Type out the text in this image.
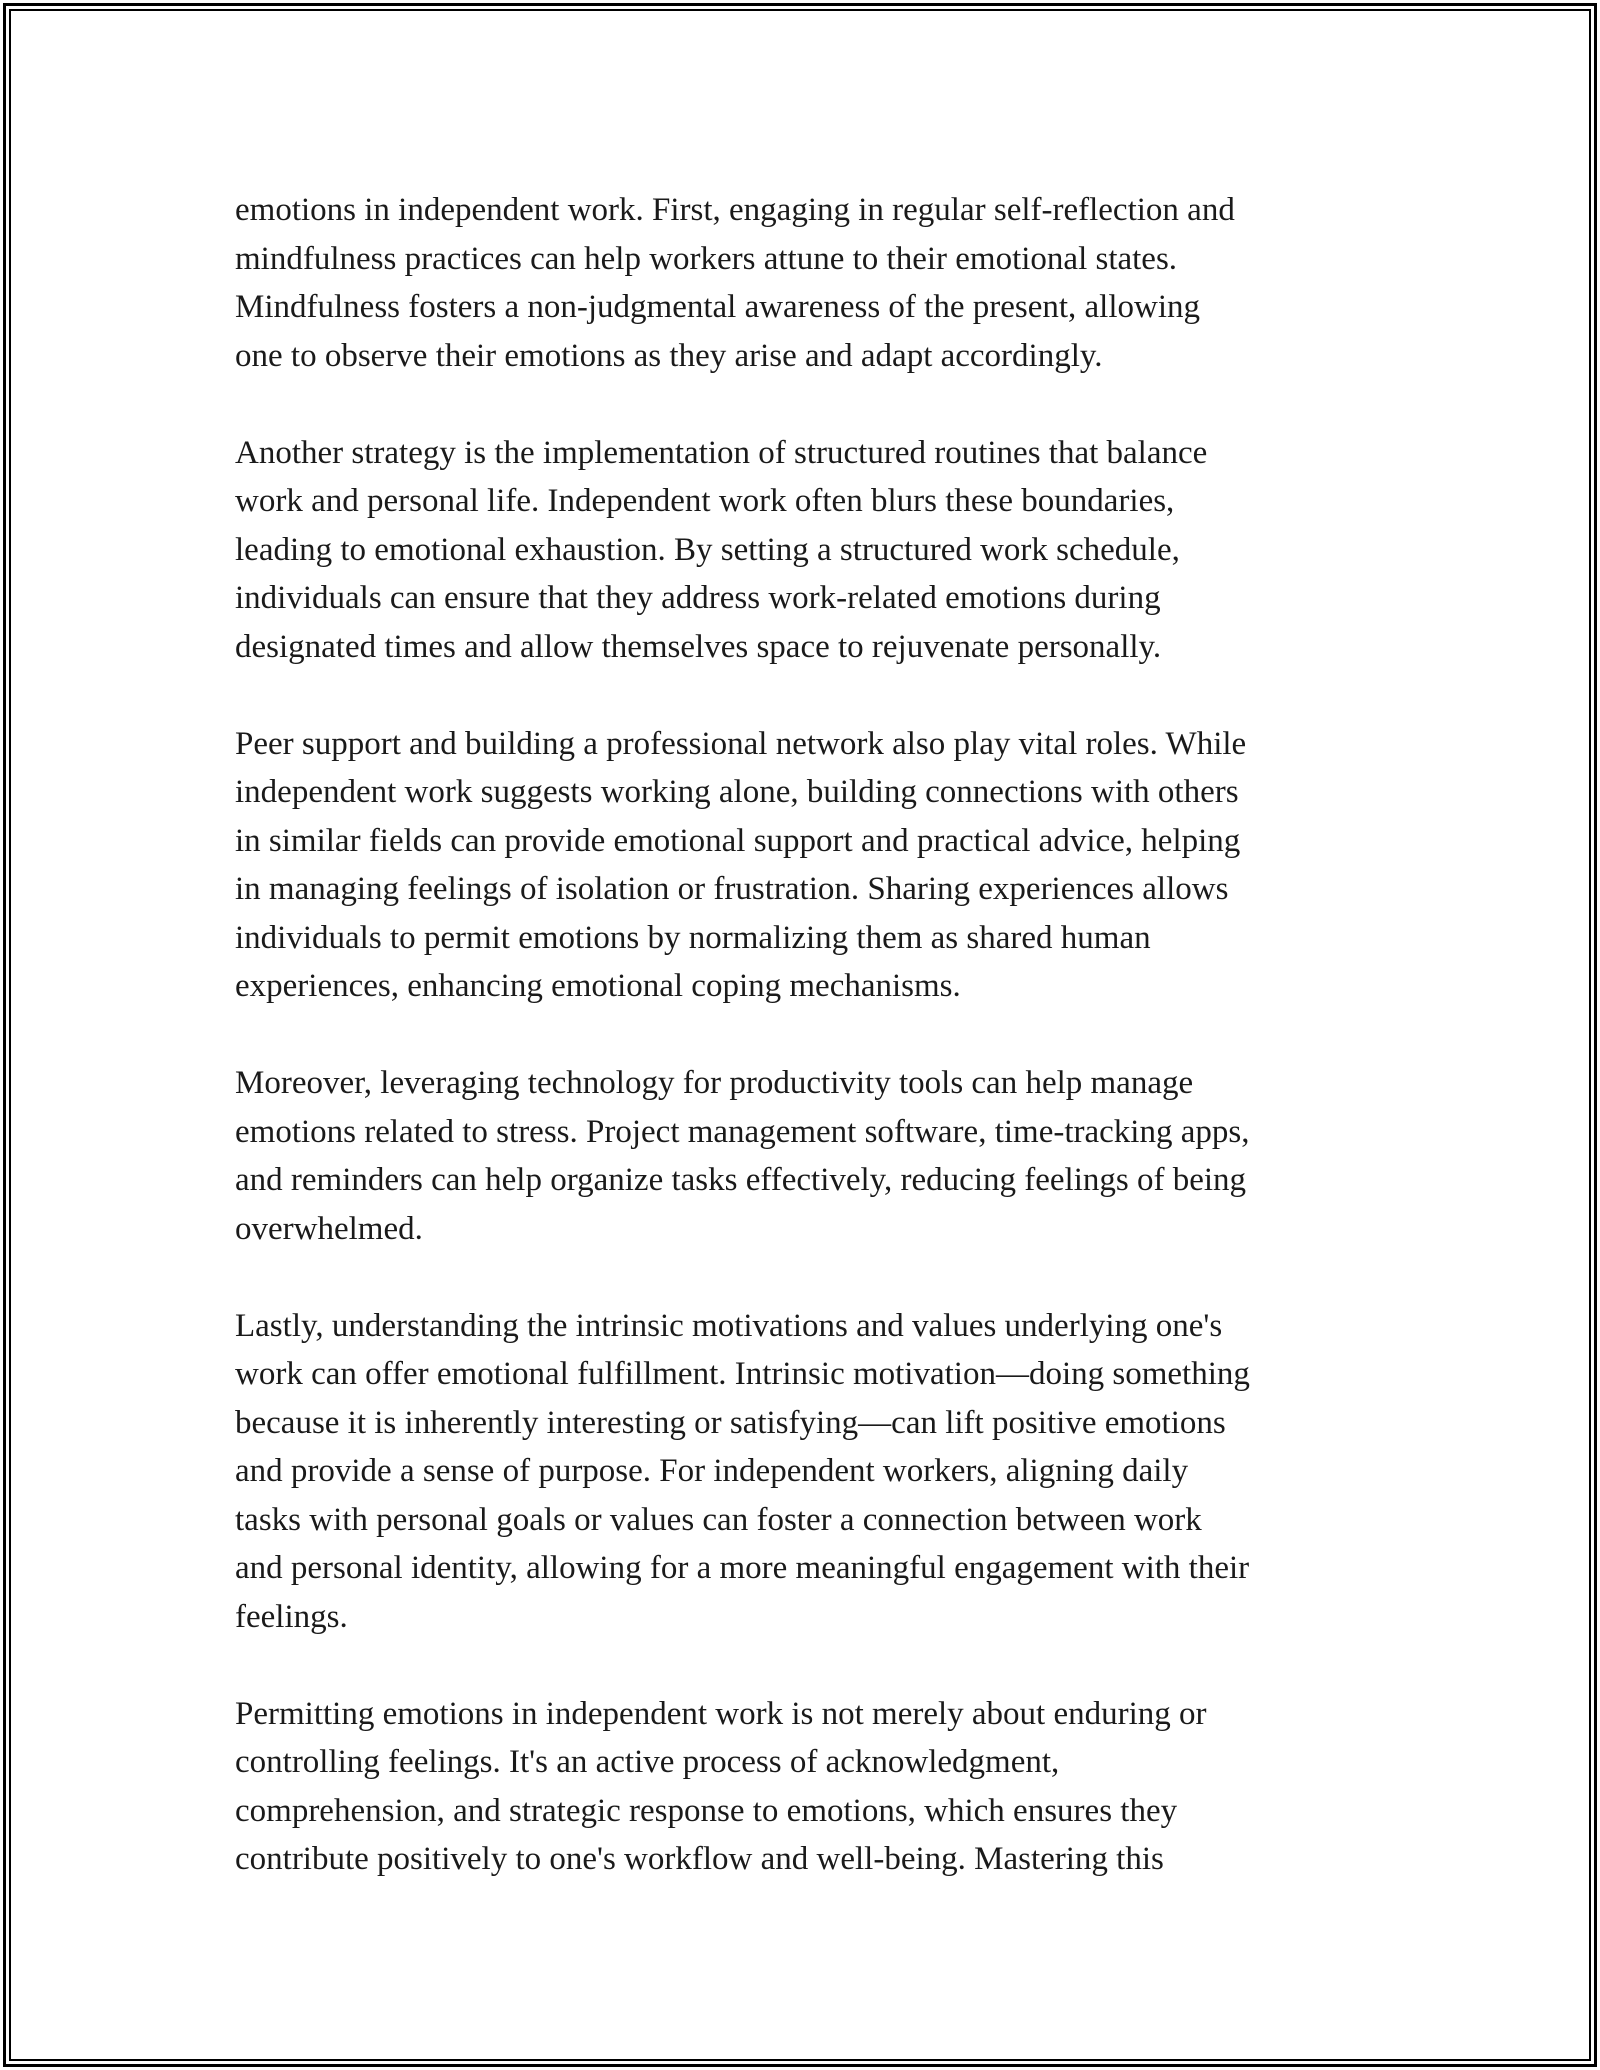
emotions in independent work. First, engaging in regular self-reflection and
mindfulness practices can help workers attune to their emotional states.
Mindfulness fosters a non-judgmental awareness of the present, allowing
one to observe their emotions as they arise and adapt accordingly.

Another strategy is the implementation of structured routines that balance
work and personal life. Independent work often blurs these boundaries,
leading to emotional exhaustion. By setting a structured work schedule,
individuals can ensure that they address work-related emotions during
designated times and allow themselves space to rejuvenate personally.

Peer support and building a professional network also play vital roles. While
independent work suggests working alone, building connections with others
in similar fields can provide emotional support and practical advice, helping
in managing feelings of isolation or frustration. Sharing experiences allows
individuals to permit emotions by normalizing them as shared human
experiences, enhancing emotional coping mechanisms.

Moreover, leveraging technology for productivity tools can help manage
emotions related to stress. Project management software, time-tracking apps,
and reminders can help organize tasks effectively, reducing feelings of being
overwhelmed.

Lastly, understanding the intrinsic motivations and values underlying one's
work can offer emotional fulfillment. Intrinsic motivation—doing something
because it is inherently interesting or satisfying—can lift positive emotions
and provide a sense of purpose. For independent workers, aligning daily
tasks with personal goals or values can foster a connection between work
and personal identity, allowing for a more meaningful engagement with their
feelings.

Permitting emotions in independent work is not merely about enduring or
controlling feelings. It's an active process of acknowledgment,
comprehension, and strategic response to emotions, which ensures they
contribute positively to one's workflow and well-being. Mastering this
